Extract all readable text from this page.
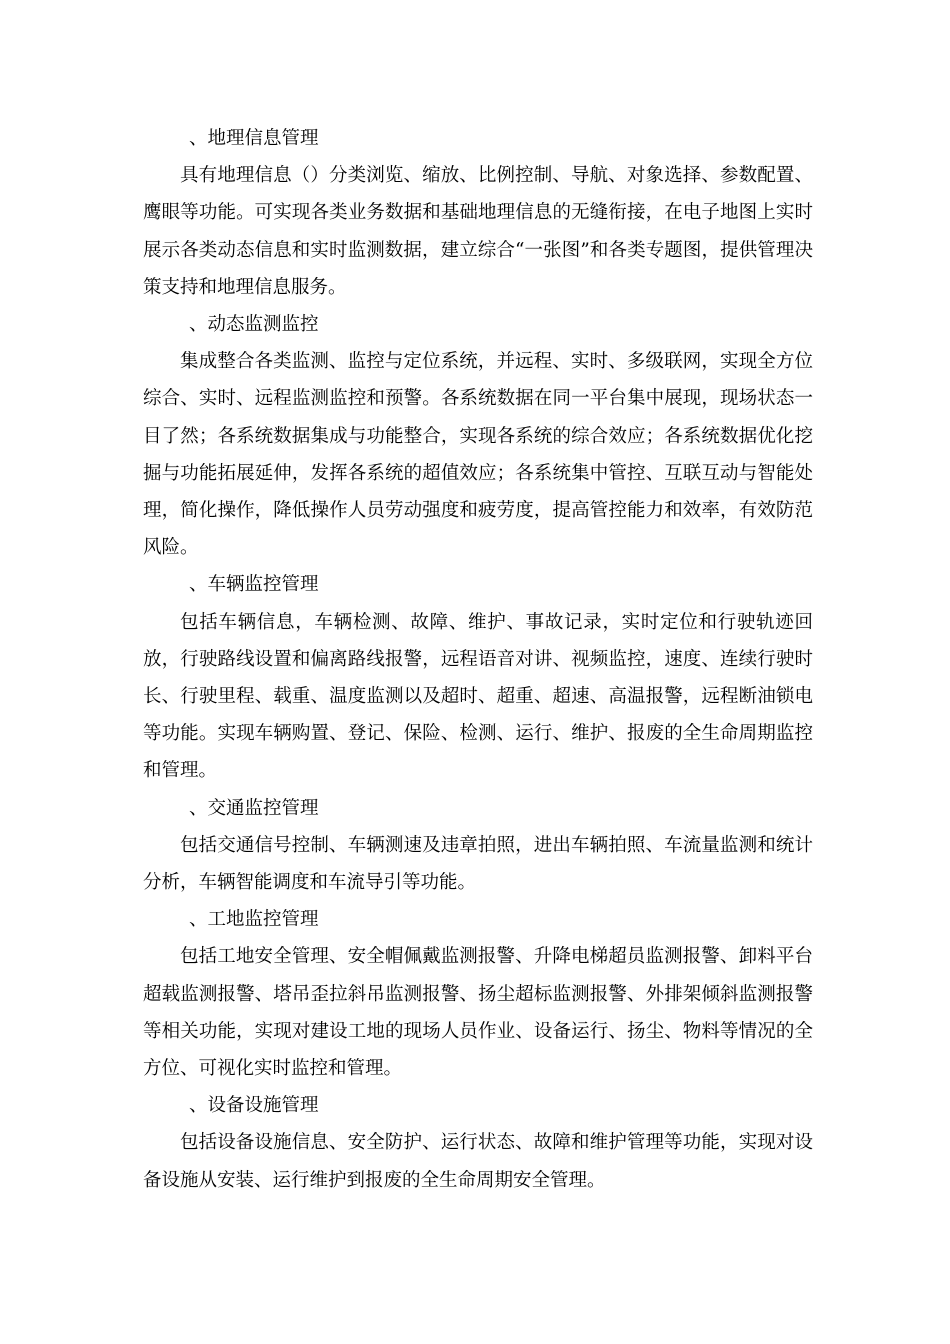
、地理信息管理

具有地理信息（）分类浏览、缩放、比例控制、导航、对象选择、参数配置、鹰眼等功能。可实现各类业务数据和基础地理信息的无缝衔接，在电子地图上实时展示各类动态信息和实时监测数据，建立综合“一张图”和各类专题图，提供管理决策支持和地理信息服务。

、动态监测监控

集成整合各类监测、监控与定位系统，并远程、实时、多级联网，实现全方位综合、实时、远程监测监控和预警。各系统数据在同一平台集中展现，现场状态一目了然；各系统数据集成与功能整合，实现各系统的综合效应；各系统数据优化挖掘与功能拓展延伸，发挥各系统的超值效应；各系统集中管控、互联互动与智能处理，简化操作，降低操作人员劳动强度和疲劳度，提高管控能力和效率，有效防范风险。

、车辆监控管理

包括车辆信息，车辆检测、故障、维护、事故记录，实时定位和行驶轨迹回放，行驶路线设置和偏离路线报警，远程语音对讲、视频监控，速度、连续行驶时长、行驶里程、载重、温度监测以及超时、超重、超速、高温报警，远程断油锁电等功能。实现车辆购置、登记、保险、检测、运行、维护、报废的全生命周期监控和管理。

、交通监控管理

包括交通信号控制、车辆测速及违章拍照，进出车辆拍照、车流量监测和统计分析，车辆智能调度和车流导引等功能。

、工地监控管理

包括工地安全管理、安全帽佩戴监测报警、升降电梯超员监测报警、卸料平台超载监测报警、塔吊歪拉斜吊监测报警、扬尘超标监测报警、外排架倾斜监测报警等相关功能，实现对建设工地的现场人员作业、设备运行、扬尘、物料等情况的全方位、可视化实时监控和管理。

、设备设施管理

包括设备设施信息、安全防护、运行状态、故障和维护管理等功能，实现对设备设施从安装、运行维护到报废的全生命周期安全管理。
